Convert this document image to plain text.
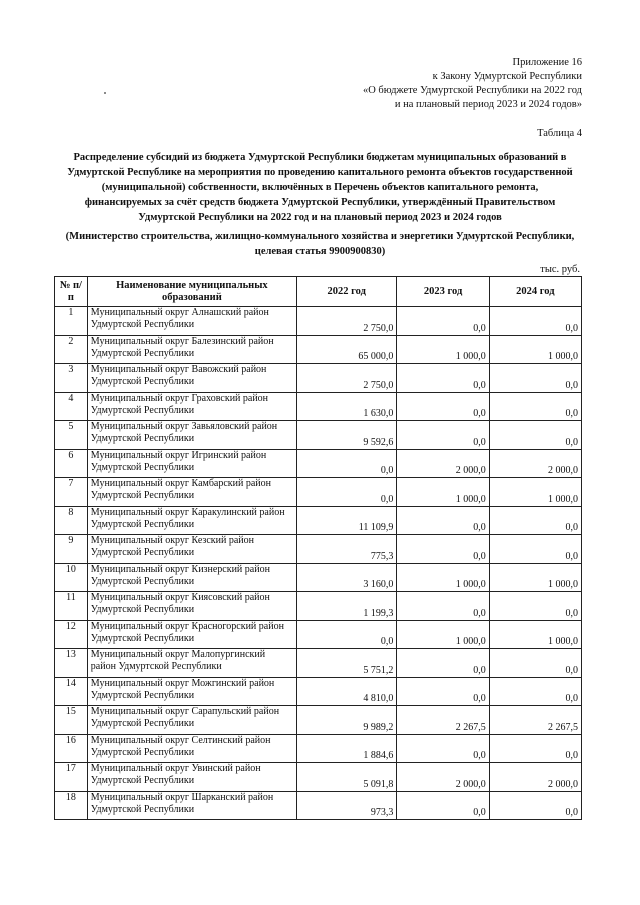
Приложение 16
к Закону Удмуртской Республики
«О бюджете Удмуртской Республики на 2022 год
и на плановый период 2023 и 2024 годов»
Таблица 4
Распределение субсидий из бюджета Удмуртской Республики бюджетам муниципальных образований в
Удмуртской Республике на мероприятия по проведению капитального ремонта объектов государственной
(муниципальной) собственности, включённых в Перечень объектов капитального ремонта,
финансируемых за счёт средств бюджета Удмуртской Республики, утверждённый Правительством
Удмуртской Республики на 2022 год и на плановый период 2023 и 2024 годов
(Министерство строительства, жилищно-коммунального хозяйства и энергетики Удмуртской Республики,
целевая статья 9900900830)
тыс. руб.
№ п/п	Наименование муниципальных
образований	2022 год	2023 год	2024 год
1	Муниципальный округ Алнашский район
Удмуртской Республики	2 750,0	0,0	0,0
2	Муниципальный округ Балезинский район
Удмуртской Республики	65 000,0	1 000,0	1 000,0
3	Муниципальный округ Вавожский район
Удмуртской Республики	2 750,0	0,0	0,0
4	Муниципальный округ Граховский район
Удмуртской Республики	1 630,0	0,0	0,0
5	Муниципальный округ Завьяловский район
Удмуртской Республики	9 592,6	0,0	0,0
6	Муниципальный округ Игринский район
Удмуртской Республики	0,0	2 000,0	2 000,0
7	Муниципальный округ Камбарский район
Удмуртской Республики	0,0	1 000,0	1 000,0
8	Муниципальный округ Каракулинский район
Удмуртской Республики	11 109,9	0,0	0,0
9	Муниципальный округ Кезский район
Удмуртской Республики	775,3	0,0	0,0
10	Муниципальный округ Кизнерский район
Удмуртской Республики	3 160,0	1 000,0	1 000,0
11	Муниципальный округ Киясовский район
Удмуртской Республики	1 199,3	0,0	0,0
12	Муниципальный округ Красногорский район
Удмуртской Республики	0,0	1 000,0	1 000,0
13	Муниципальный округ Малопургинский
район Удмуртской Республики	5 751,2	0,0	0,0
14	Муниципальный округ Можгинский район
Удмуртской Республики	4 810,0	0,0	0,0
15	Муниципальный округ Сарапульский район
Удмуртской Республики	9 989,2	2 267,5	2 267,5
16	Муниципальный округ Селтинский район
Удмуртской Республики	1 884,6	0,0	0,0
17	Муниципальный округ Увинский район
Удмуртской Республики	5 091,8	2 000,0	2 000,0
18	Муниципальный округ Шарканский район
Удмуртской Республики	973,3	0,0	0,0
